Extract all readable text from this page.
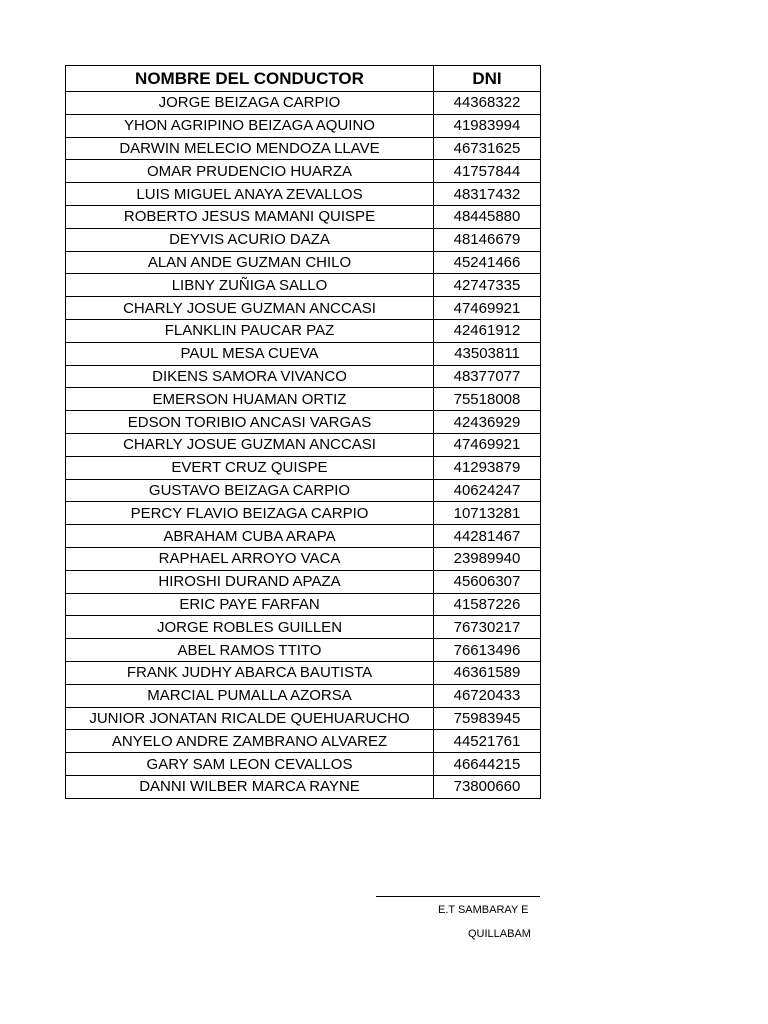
NOMBRE DEL CONDUCTOR	DNI
JORGE BEIZAGA CARPIO	44368322
YHON AGRIPINO BEIZAGA AQUINO	41983994
DARWIN MELECIO MENDOZA LLAVE	46731625
OMAR PRUDENCIO HUARZA	41757844
LUIS MIGUEL ANAYA ZEVALLOS	48317432
ROBERTO JESUS MAMANI QUISPE	48445880
DEYVIS ACURIO DAZA	48146679
ALAN ANDE GUZMAN CHILO	45241466
LIBNY ZUÑIGA SALLO	42747335
CHARLY JOSUE GUZMAN ANCCASI	47469921
FLANKLIN PAUCAR PAZ	42461912
PAUL MESA CUEVA	43503811
DIKENS SAMORA VIVANCO	48377077
EMERSON HUAMAN ORTIZ	75518008
EDSON TORIBIO ANCASI VARGAS	42436929
CHARLY JOSUE GUZMAN ANCCASI	47469921
EVERT CRUZ QUISPE	41293879
GUSTAVO BEIZAGA CARPIO	40624247
PERCY FLAVIO BEIZAGA CARPIO	10713281
ABRAHAM CUBA ARAPA	44281467
RAPHAEL ARROYO VACA	23989940
HIROSHI DURAND APAZA	45606307
ERIC PAYE FARFAN	41587226
JORGE ROBLES GUILLEN	76730217
ABEL RAMOS TTITO	76613496
FRANK JUDHY ABARCA BAUTISTA	46361589
MARCIAL PUMALLA AZORSA	46720433
JUNIOR JONATAN RICALDE QUEHUARUCHO	75983945
ANYELO ANDRE ZAMBRANO ALVAREZ	44521761
GARY SAM LEON CEVALLOS	46644215
DANNI WILBER MARCA RAYNE	73800660
E.T SAMBARAY E
QUILLABAM
